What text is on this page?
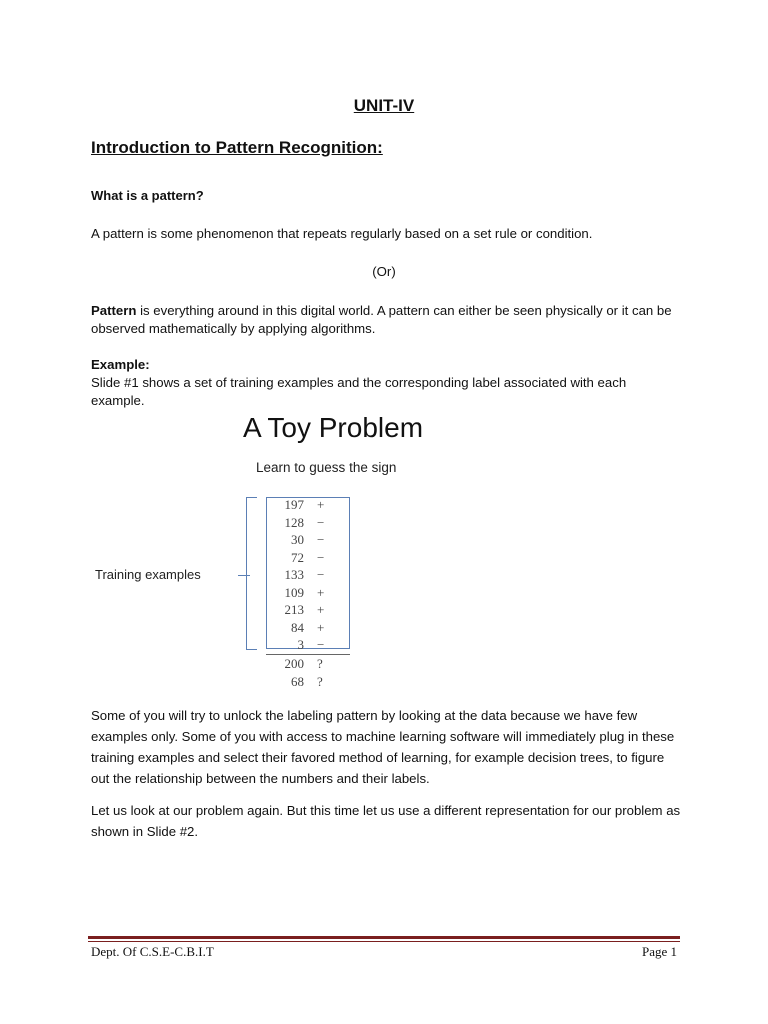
UNIT-IV
Introduction to Pattern Recognition:
What is a pattern?
A pattern is some phenomenon that repeats regularly based on a set rule or condition.
(Or)
Pattern is everything around in this digital world. A pattern can either be seen physically or it can be observed mathematically by applying algorithms.
Example:
Slide #1 shows a set of training examples and the corresponding label associated with each example.
A Toy Problem
Learn to guess the sign
Training examples
197 +
128 −
30 −
72 −
133 −
109 +
213 +
84 +
3 −
200 ?
68 ?
Some of you will try to unlock the labeling pattern by looking at the data because we have few examples only. Some of you with access to machine learning software will immediately plug in these training examples and select their favored method of learning, for example decision trees, to figure out the relationship between the numbers and their labels.
Let us look at our problem again. But this time let us use a different representation for our problem as shown in Slide #2.
Dept. Of C.S.E-C.B.I.T	Page 1
